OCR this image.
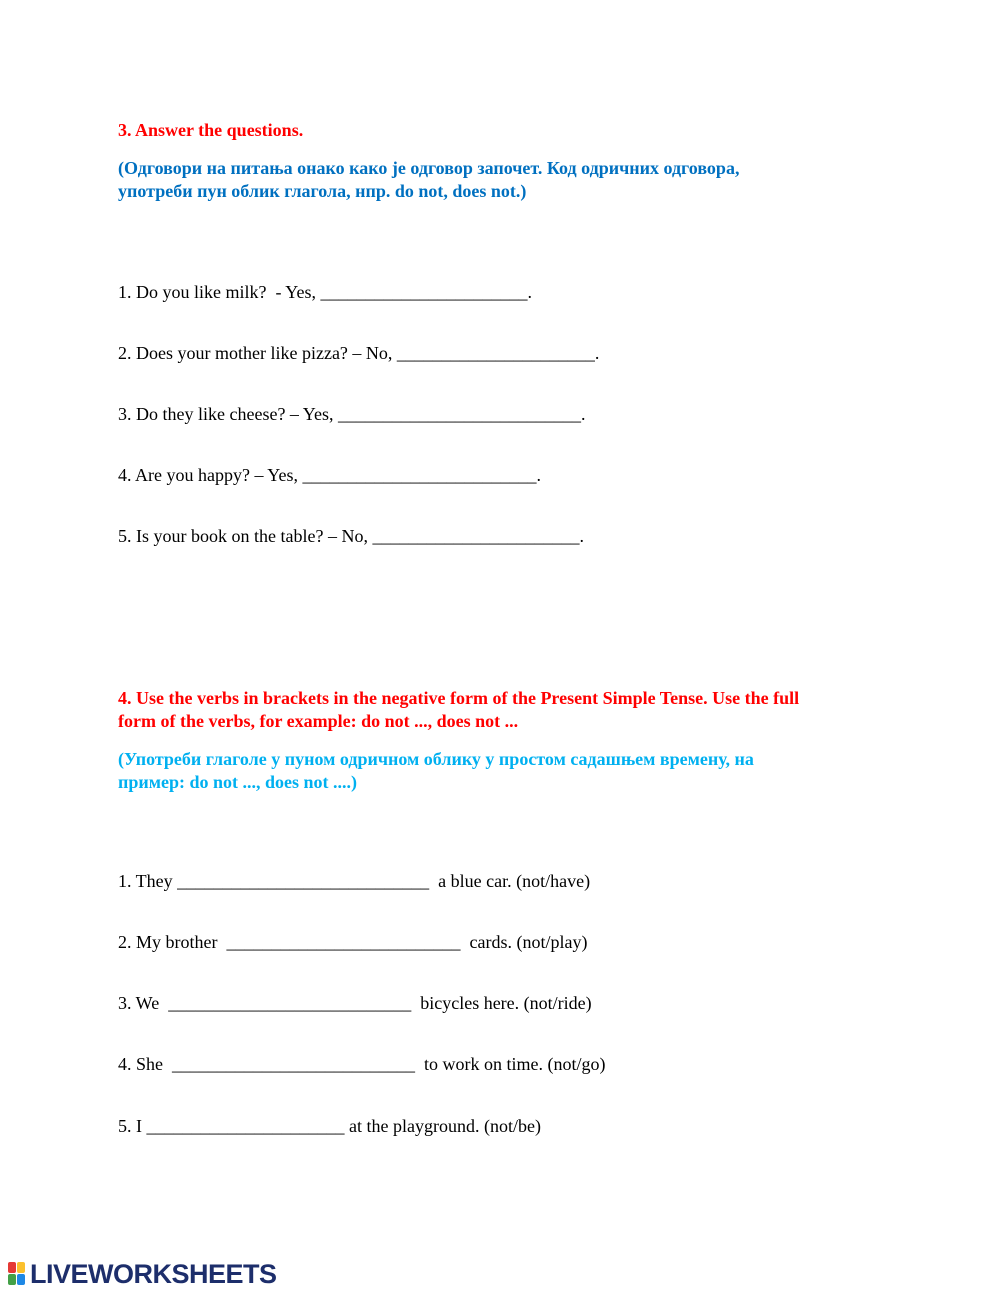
3. Answer the questions.
(Одговори на питања онако како је одговор започет. Код одричних одговора,
употреби пун облик глагола, нпр. do not, does not.)
1. Do you like milk?  - Yes, _______________________.
2. Does your mother like pizza? – No, ______________________.
3. Do they like cheese? – Yes, ___________________________.
4. Are you happy? – Yes, __________________________.
5. Is your book on the table? – No, _______________________.
4. Use the verbs in brackets in the negative form of the Present Simple Tense. Use the full
form of the verbs, for example: do not ..., does not ...
(Употреби глаголе у пуном одричном облику у простом садашњем времену, на
пример: do not ..., does not ....)
1. They ____________________________  a blue car. (not/have)
2. My brother  __________________________  cards. (not/play)
3. We  ___________________________  bicycles here. (not/ride)
4. She  ___________________________  to work on time. (not/go)
5. I ______________________ at the playground. (not/be)
LIVEWORKSHEETS
